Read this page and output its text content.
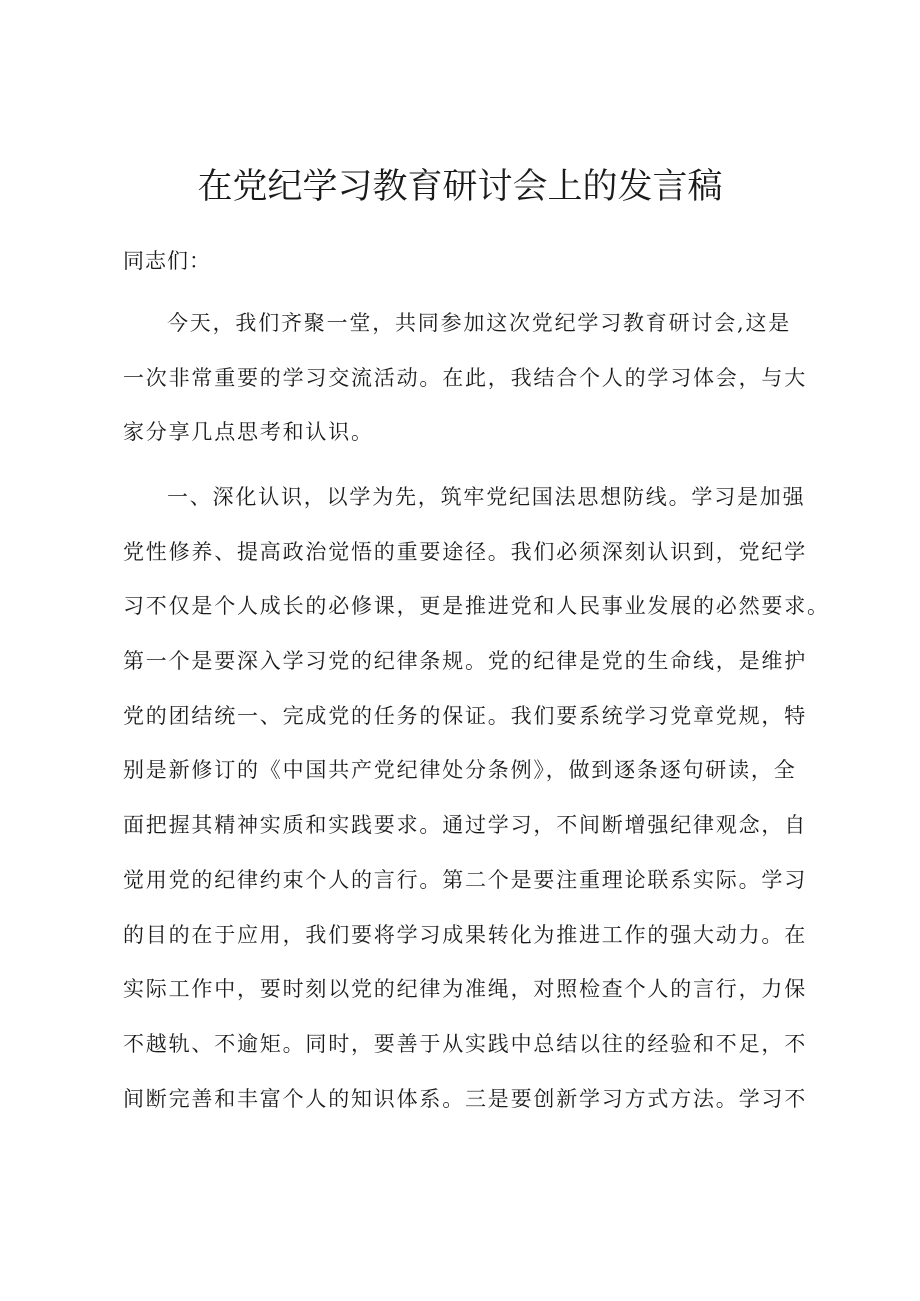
在党纪学习教育研讨会上的发言稿

同志们：

今天，我们齐聚一堂，共同参加这次党纪学习教育研讨会,这是
一次非常重要的学习交流活动。在此，我结合个人的学习体会，与大
家分享几点思考和认识。
一、深化认识，以学为先，筑牢党纪国法思想防线。学习是加强
党性修养、提高政治觉悟的重要途径。我们必须深刻认识到，党纪学
习不仅是个人成长的必修课，更是推进党和人民事业发展的必然要求。
第一个是要深入学习党的纪律条规。党的纪律是党的生命线，是维护
党的团结统一、完成党的任务的保证。我们要系统学习党章党规，特
别是新修订的《中国共产党纪律处分条例》，做到逐条逐句研读，全
面把握其精神实质和实践要求。通过学习，不间断增强纪律观念，自
觉用党的纪律约束个人的言行。第二个是要注重理论联系实际。学习
的目的在于应用，我们要将学习成果转化为推进工作的强大动力。在
实际工作中，要时刻以党的纪律为准绳，对照检查个人的言行，力保
不越轨、不逾矩。同时，要善于从实践中总结以往的经验和不足，不
间断完善和丰富个人的知识体系。三是要创新学习方式方法。学习不
